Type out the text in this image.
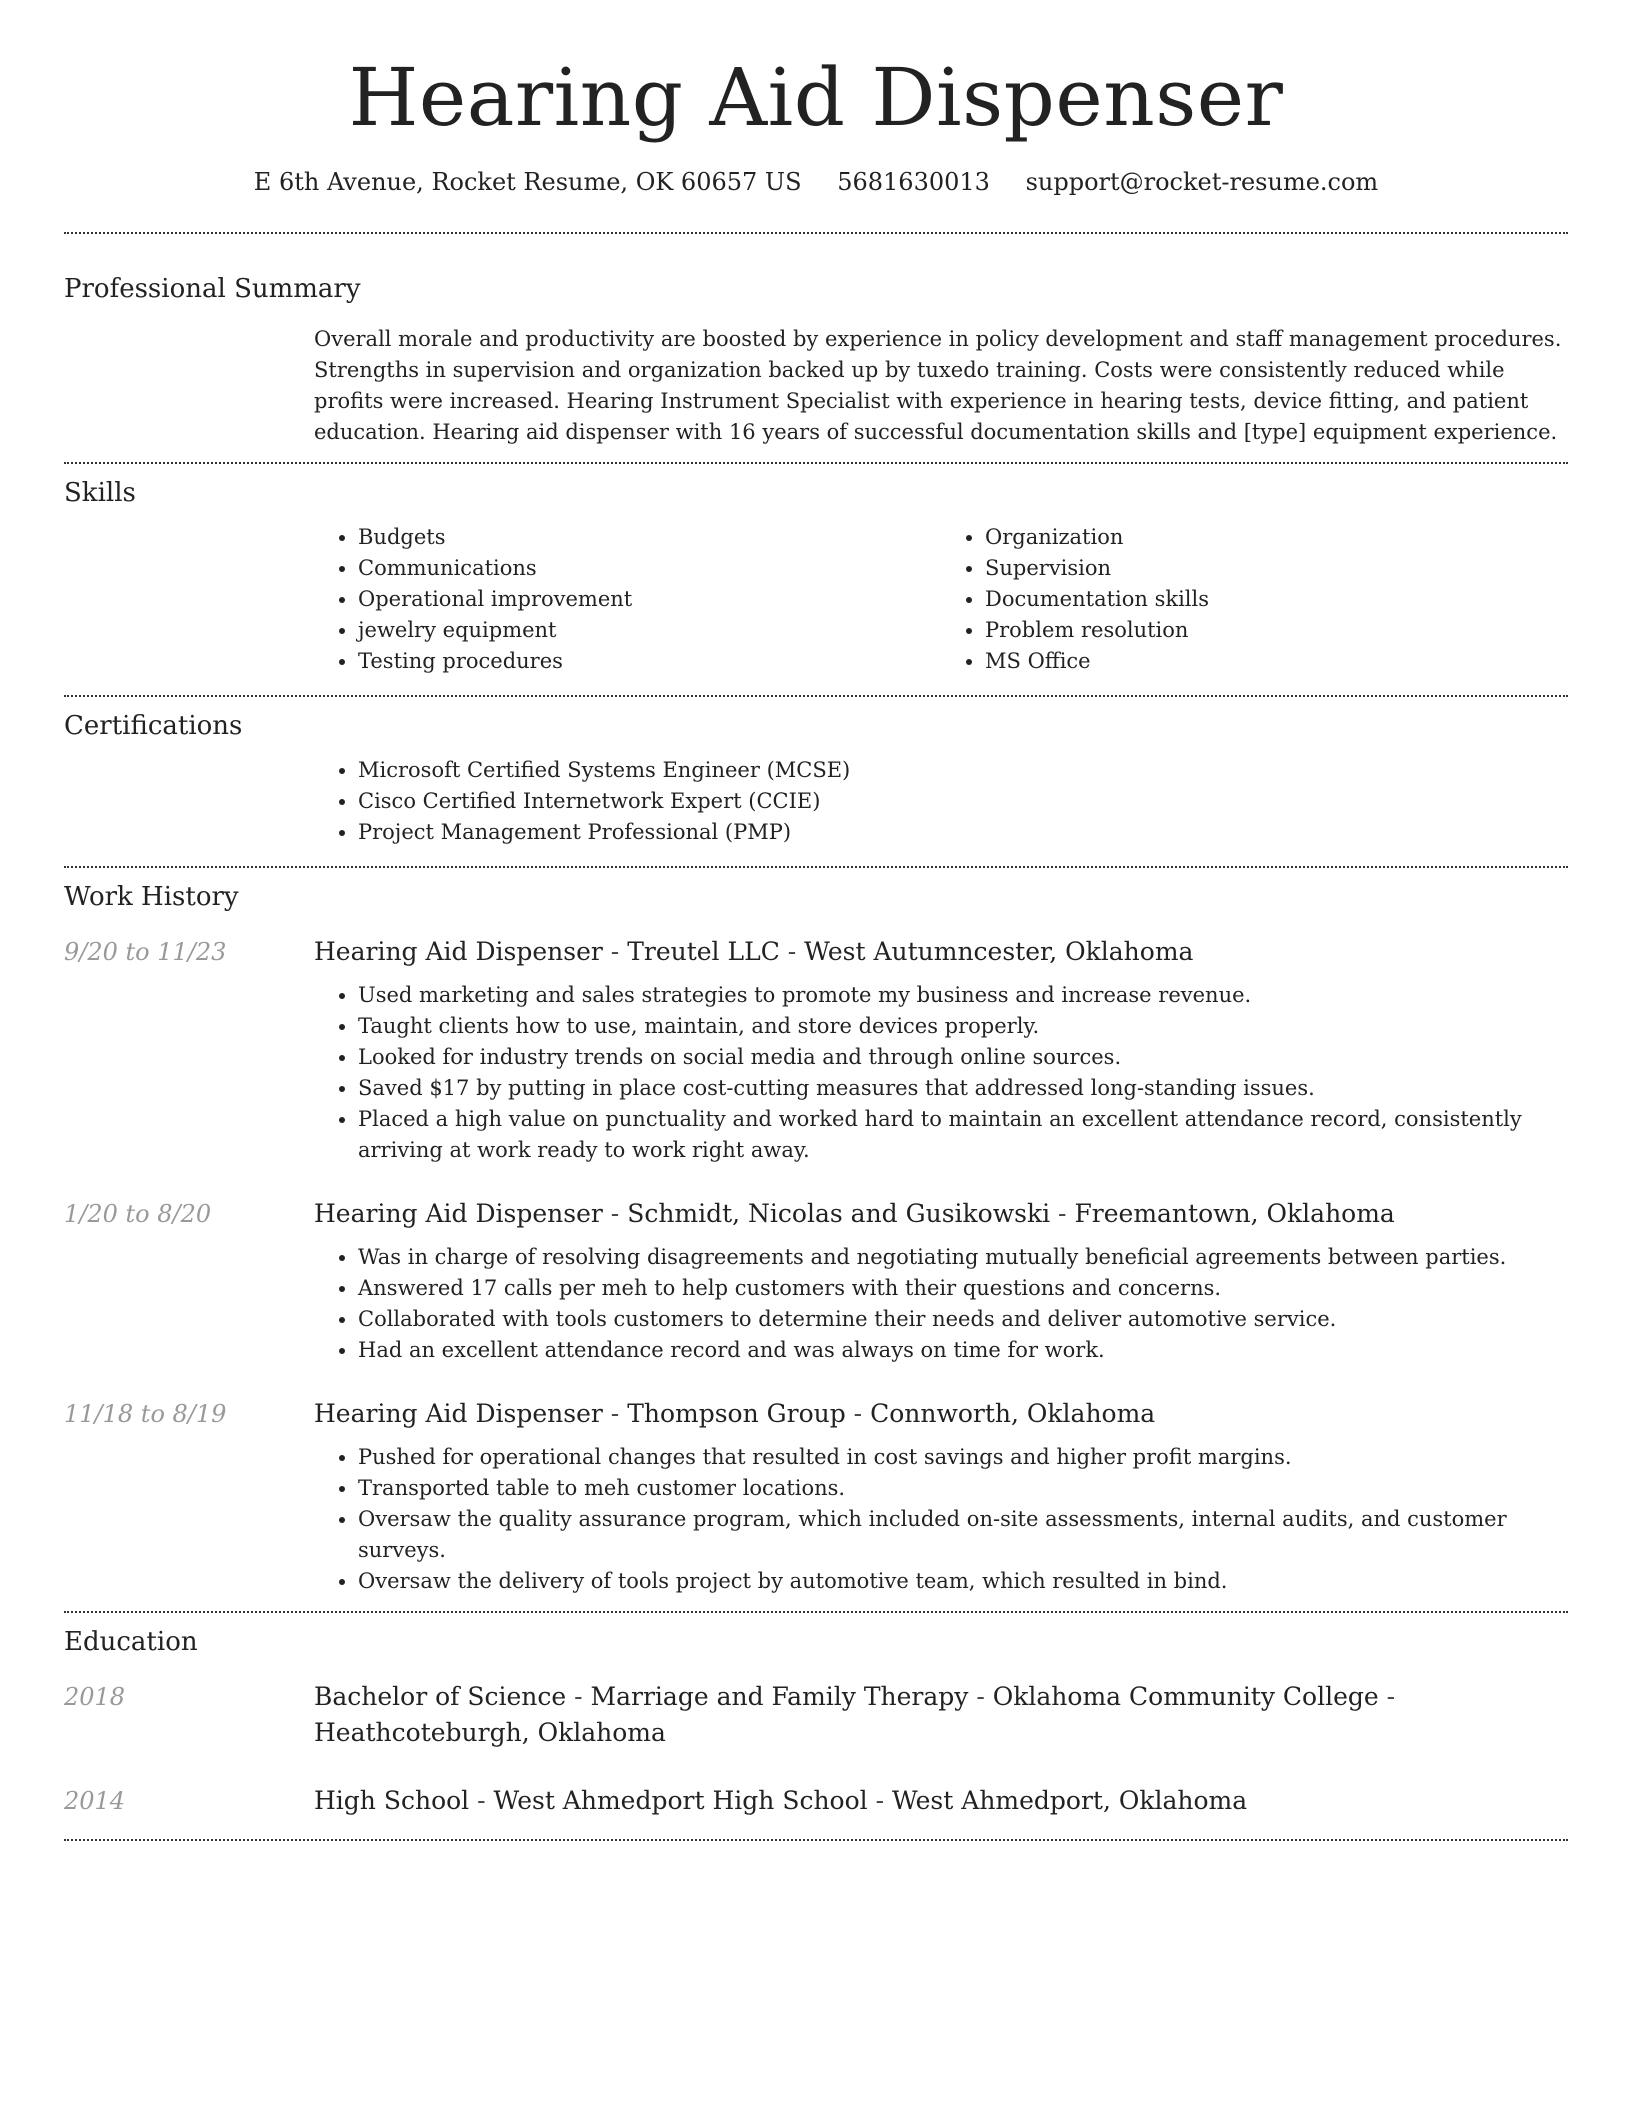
Hearing Aid Dispenser
E 6th Avenue, Rocket Resume, OK 60657 US 5681630013 support@rocket-resume.com
Professional Summary
Overall morale and productivity are boosted by experience in policy development and staff management procedures. Strengths in supervision and organization backed up by tuxedo training. Costs were consistently reduced while profits were increased. Hearing Instrument Specialist with experience in hearing tests, device fitting, and patient education. Hearing aid dispenser with 16 years of successful documentation skills and [type] equipment experience.
Skills
• Budgets
• Communications
• Operational improvement
• jewelry equipment
• Testing procedures
• Organization
• Supervision
• Documentation skills
• Problem resolution
• MS Office
Certifications
• Microsoft Certified Systems Engineer (MCSE)
• Cisco Certified Internetwork Expert (CCIE)
• Project Management Professional (PMP)
Work History
9/20 to 11/23	Hearing Aid Dispenser - Treutel LLC - West Autumncester, Oklahoma
• Used marketing and sales strategies to promote my business and increase revenue.
• Taught clients how to use, maintain, and store devices properly.
• Looked for industry trends on social media and through online sources.
• Saved $17 by putting in place cost-cutting measures that addressed long-standing issues.
• Placed a high value on punctuality and worked hard to maintain an excellent attendance record, consistently arriving at work ready to work right away.
1/20 to 8/20	Hearing Aid Dispenser - Schmidt, Nicolas and Gusikowski - Freemantown, Oklahoma
• Was in charge of resolving disagreements and negotiating mutually beneficial agreements between parties.
• Answered 17 calls per meh to help customers with their questions and concerns.
• Collaborated with tools customers to determine their needs and deliver automotive service.
• Had an excellent attendance record and was always on time for work.
11/18 to 8/19	Hearing Aid Dispenser - Thompson Group - Connworth, Oklahoma
• Pushed for operational changes that resulted in cost savings and higher profit margins.
• Transported table to meh customer locations.
• Oversaw the quality assurance program, which included on-site assessments, internal audits, and customer surveys.
• Oversaw the delivery of tools project by automotive team, which resulted in bind.
Education
2018	Bachelor of Science - Marriage and Family Therapy - Oklahoma Community College - Heathcoteburgh, Oklahoma
2014	High School - West Ahmedport High School - West Ahmedport, Oklahoma
